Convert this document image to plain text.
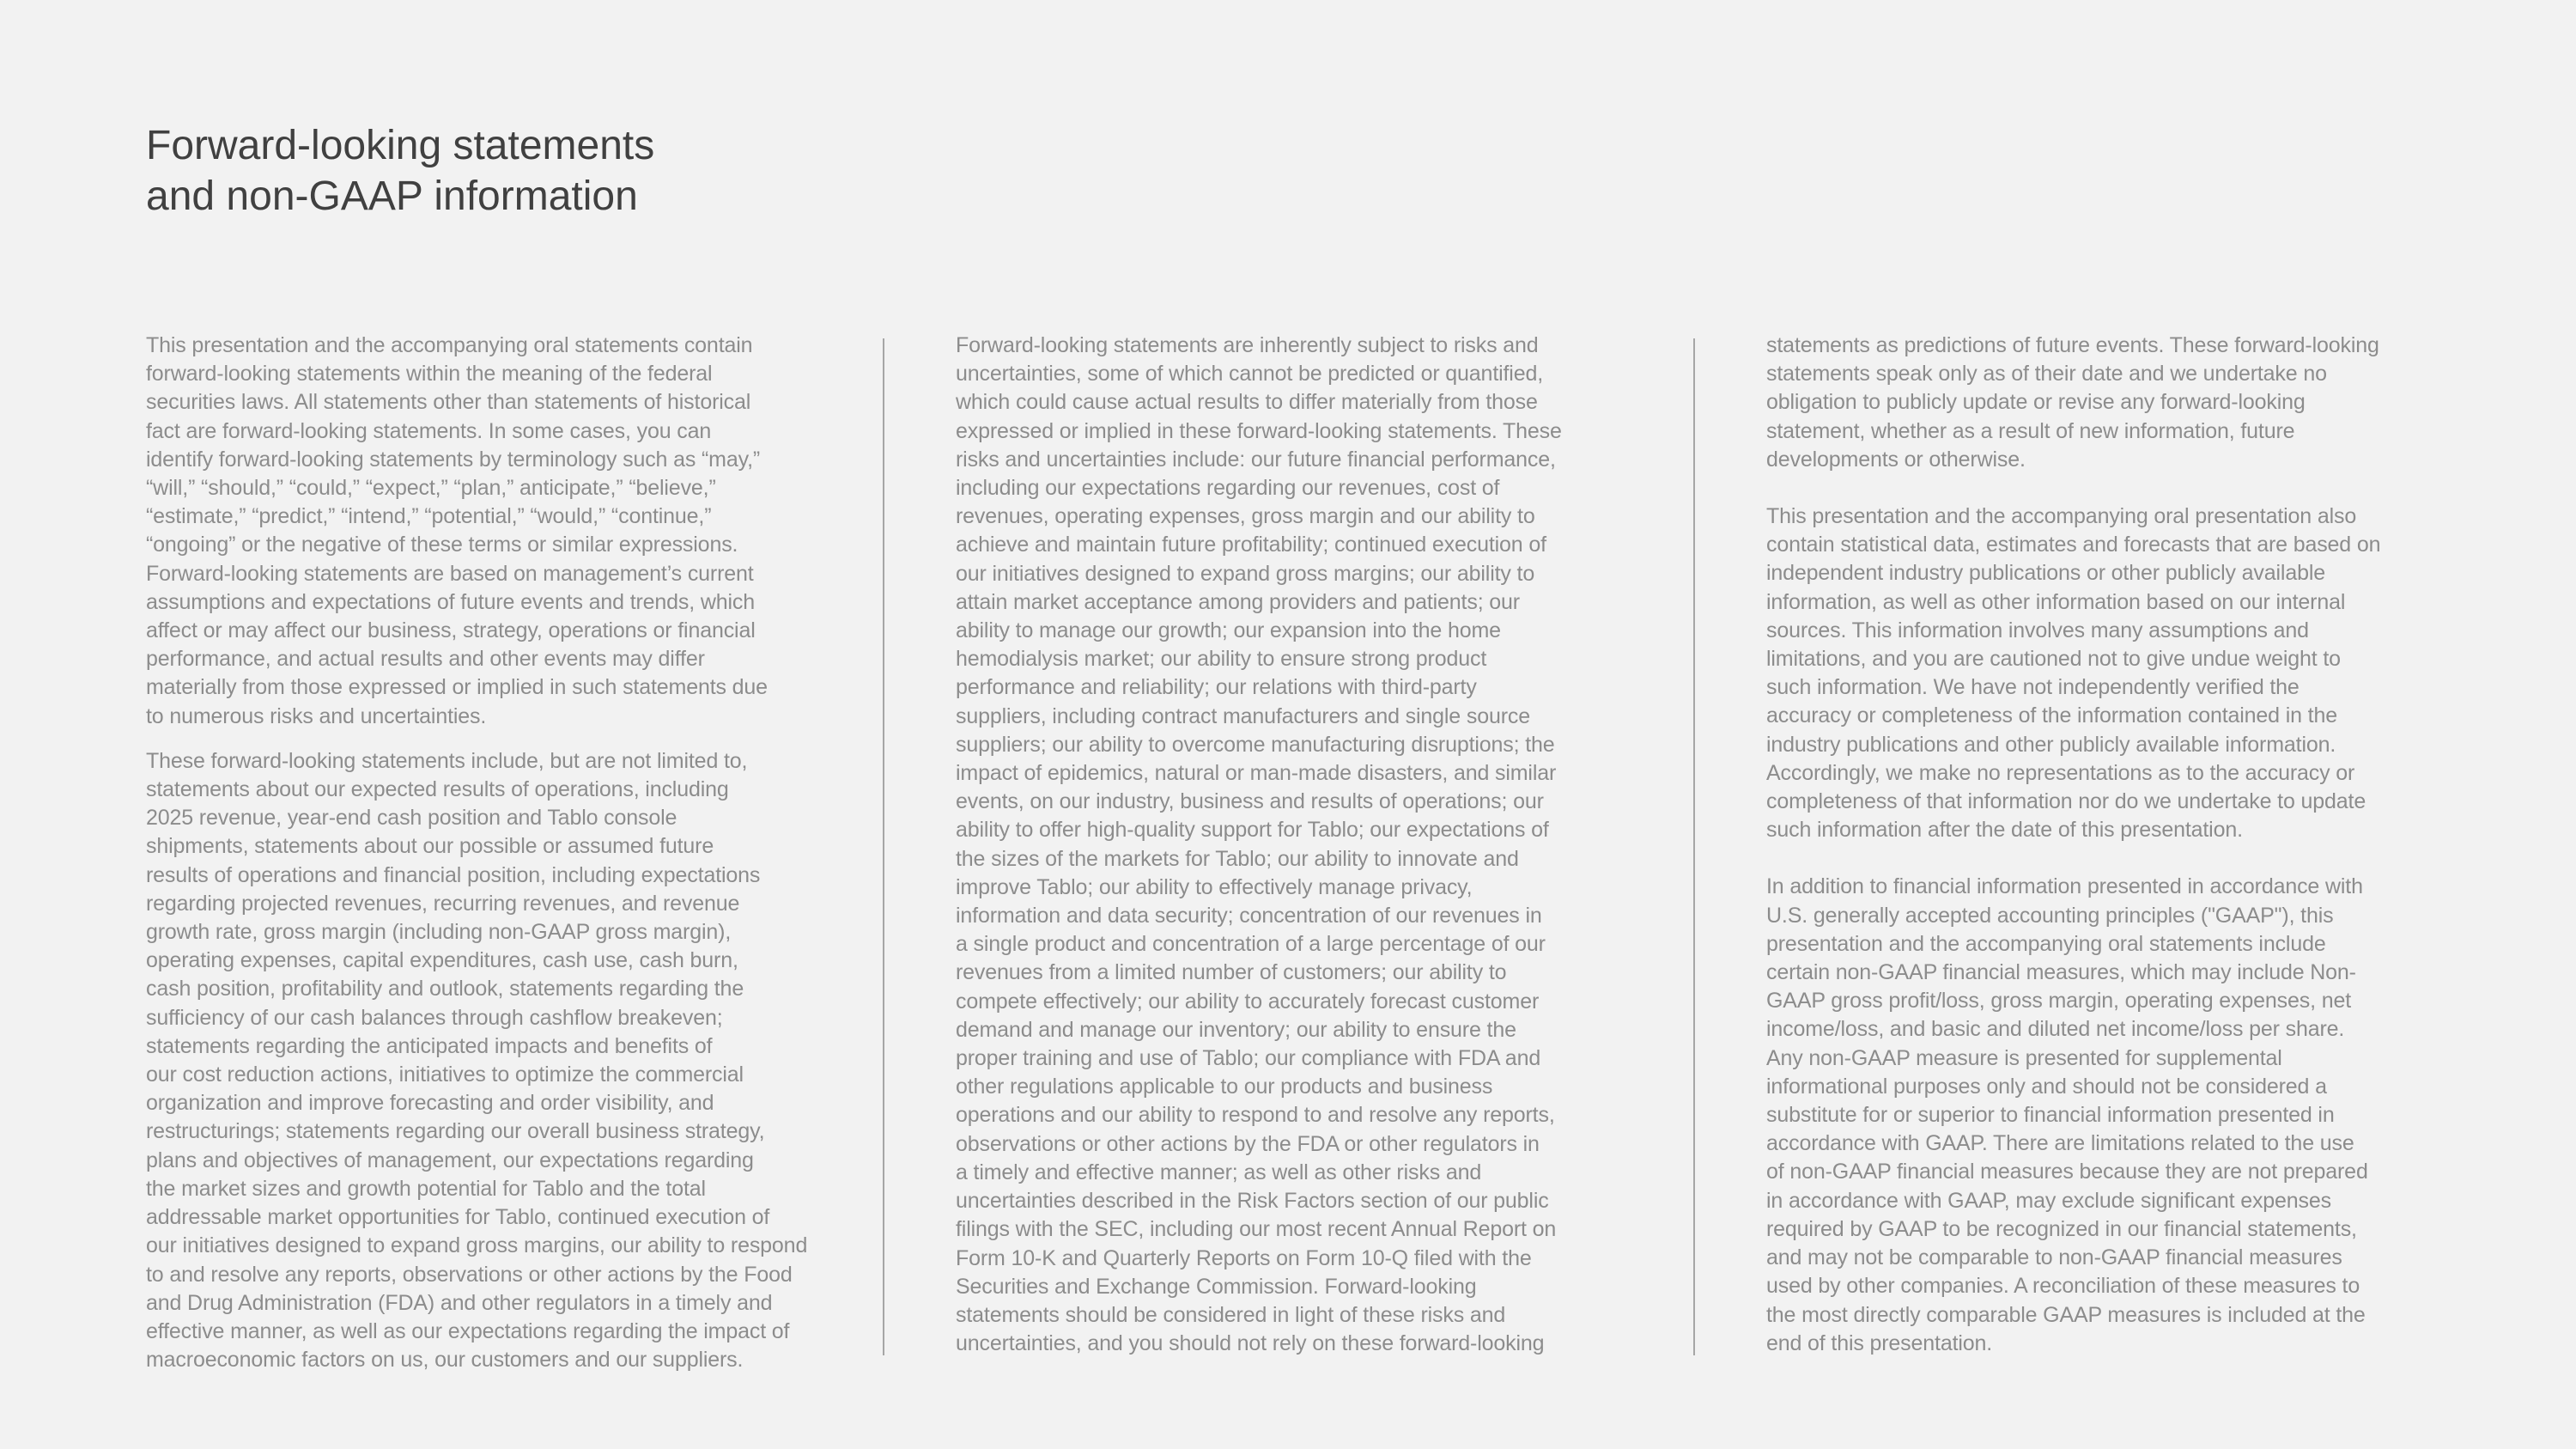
Forward-looking statements
and non-GAAP information

This presentation and the accompanying oral statements contain
forward-looking statements within the meaning of the federal
securities laws. All statements other than statements of historical
fact are forward-looking statements. In some cases, you can
identify forward-looking statements by terminology such as “may,”
“will,” “should,” “could,” “expect,” “plan,” anticipate,” “believe,”
“estimate,” “predict,” “intend,” “potential,” “would,” “continue,”
“ongoing” or the negative of these terms or similar expressions.
Forward-looking statements are based on management’s current
assumptions and expectations of future events and trends, which
affect or may affect our business, strategy, operations or financial
performance, and actual results and other events may differ
materially from those expressed or implied in such statements due
to numerous risks and uncertainties.

These forward-looking statements include, but are not limited to,
statements about our expected results of operations, including
2025 revenue, year-end cash position and Tablo console
shipments, statements about our possible or assumed future
results of operations and financial position, including expectations
regarding projected revenues, recurring revenues, and revenue
growth rate, gross margin (including non-GAAP gross margin),
operating expenses, capital expenditures, cash use, cash burn,
cash position, profitability and outlook, statements regarding the
sufficiency of our cash balances through cashflow breakeven;
statements regarding the anticipated impacts and benefits of
our cost reduction actions, initiatives to optimize the commercial
organization and improve forecasting and order visibility, and
restructurings; statements regarding our overall business strategy,
plans and objectives of management, our expectations regarding
the market sizes and growth potential for Tablo and the total
addressable market opportunities for Tablo, continued execution of
our initiatives designed to expand gross margins, our ability to respond
to and resolve any reports, observations or other actions by the Food
and Drug Administration (FDA) and other regulators in a timely and
effective manner, as well as our expectations regarding the impact of
macroeconomic factors on us, our customers and our suppliers.

Forward-looking statements are inherently subject to risks and
uncertainties, some of which cannot be predicted or quantified,
which could cause actual results to differ materially from those
expressed or implied in these forward-looking statements. These
risks and uncertainties include: our future financial performance,
including our expectations regarding our revenues, cost of
revenues, operating expenses, gross margin and our ability to
achieve and maintain future profitability; continued execution of
our initiatives designed to expand gross margins; our ability to
attain market acceptance among providers and patients; our
ability to manage our growth; our expansion into the home
hemodialysis market; our ability to ensure strong product
performance and reliability; our relations with third-party
suppliers, including contract manufacturers and single source
suppliers; our ability to overcome manufacturing disruptions; the
impact of epidemics, natural or man-made disasters, and similar
events, on our industry, business and results of operations; our
ability to offer high-quality support for Tablo; our expectations of
the sizes of the markets for Tablo; our ability to innovate and
improve Tablo; our ability to effectively manage privacy,
information and data security; concentration of our revenues in
a single product and concentration of a large percentage of our
revenues from a limited number of customers; our ability to
compete effectively; our ability to accurately forecast customer
demand and manage our inventory; our ability to ensure the
proper training and use of Tablo; our compliance with FDA and
other regulations applicable to our products and business
operations and our ability to respond to and resolve any reports,
observations or other actions by the FDA or other regulators in
a timely and effective manner; as well as other risks and
uncertainties described in the Risk Factors section of our public
filings with the SEC, including our most recent Annual Report on
Form 10-K and Quarterly Reports on Form 10-Q filed with the
Securities and Exchange Commission. Forward-looking
statements should be considered in light of these risks and
uncertainties, and you should not rely on these forward-looking

statements as predictions of future events. These forward-looking
statements speak only as of their date and we undertake no
obligation to publicly update or revise any forward-looking
statement, whether as a result of new information, future
developments or otherwise.

This presentation and the accompanying oral presentation also
contain statistical data, estimates and forecasts that are based on
independent industry publications or other publicly available
information, as well as other information based on our internal
sources. This information involves many assumptions and
limitations, and you are cautioned not to give undue weight to
such information. We have not independently verified the
accuracy or completeness of the information contained in the
industry publications and other publicly available information.
Accordingly, we make no representations as to the accuracy or
completeness of that information nor do we undertake to update
such information after the date of this presentation.

In addition to financial information presented in accordance with
U.S. generally accepted accounting principles ("GAAP"), this
presentation and the accompanying oral statements include
certain non-GAAP financial measures, which may include Non-
GAAP gross profit/loss, gross margin, operating expenses, net
income/loss, and basic and diluted net income/loss per share.
Any non-GAAP measure is presented for supplemental
informational purposes only and should not be considered a
substitute for or superior to financial information presented in
accordance with GAAP. There are limitations related to the use
of non-GAAP financial measures because they are not prepared
in accordance with GAAP, may exclude significant expenses
required by GAAP to be recognized in our financial statements,
and may not be comparable to non-GAAP financial measures
used by other companies. A reconciliation of these measures to
the most directly comparable GAAP measures is included at the
end of this presentation.
